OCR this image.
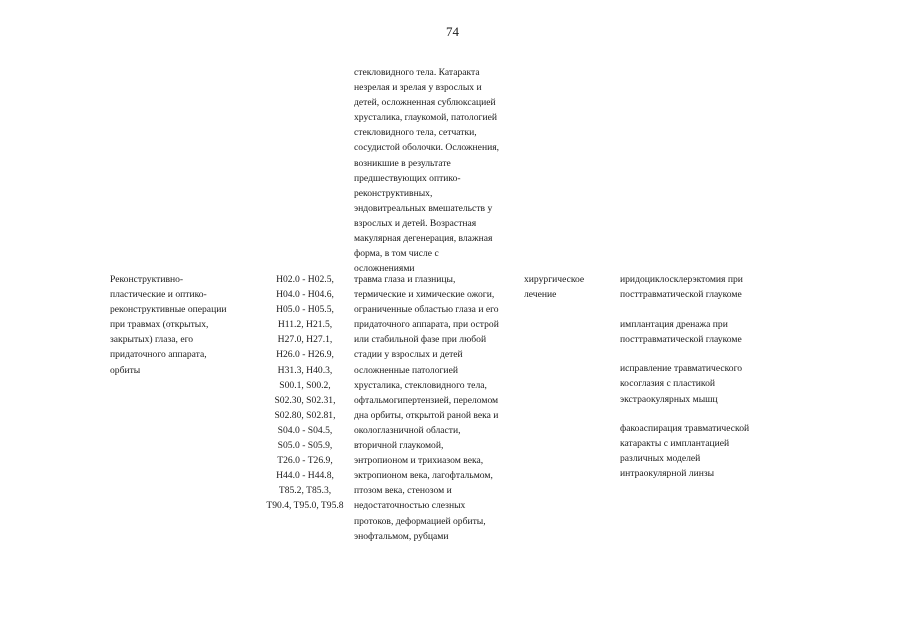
74
стекловидного тела. Катаракта
незрелая и зрелая у взрослых и
детей, осложненная сублюксацией
хрусталика, глаукомой, патологией
стекловидного тела, сетчатки,
сосудистой оболочки. Осложнения,
возникшие в результате
предшествующих оптико-
реконструктивных,
эндовитреальных вмешательств у
взрослых и детей. Возрастная
макулярная дегенерация, влажная
форма, в том числе с
осложнениями
Реконструктивно-
пластические и оптико-
реконструктивные операции
при травмах (открытых,
закрытых) глаза, его
придаточного аппарата,
орбиты
H02.0 - H02.5,
H04.0 - H04.6,
H05.0 - H05.5,
H11.2, H21.5,
H27.0, H27.1,
H26.0 - H26.9,
H31.3, H40.3,
S00.1, S00.2,
S02.30, S02.31,
S02.80, S02.81,
S04.0 - S04.5,
S05.0 - S05.9,
T26.0 - T26.9,
H44.0 - H44.8,
T85.2, T85.3,
T90.4, T95.0, T95.8
травма глаза и глазницы,
термические и химические ожоги,
ограниченные областью глаза и его
придаточного аппарата, при острой
или стабильной фазе при любой
стадии у взрослых и детей
осложненные патологией
хрусталика, стекловидного тела,
офтальмогипертензией, переломом
дна орбиты, открытой раной века и
окологлазничной области,
вторичной глаукомой,
энтропионом и трихиазом века,
эктропионом века, лагофтальмом,
птозом века, стенозом и
недостаточностью слезных
протоков, деформацией орбиты,
энофтальмом, рубцами
хирургическое
лечение
иридоциклосклерэктомия при
посттравматической глаукоме
имплантация дренажа при
посттравматической глаукоме
исправление травматического
косоглазия с пластикой
экстраокулярных мышц
факоаспирация травматической
катаракты с имплантацией
различных моделей
интраокулярной линзы
